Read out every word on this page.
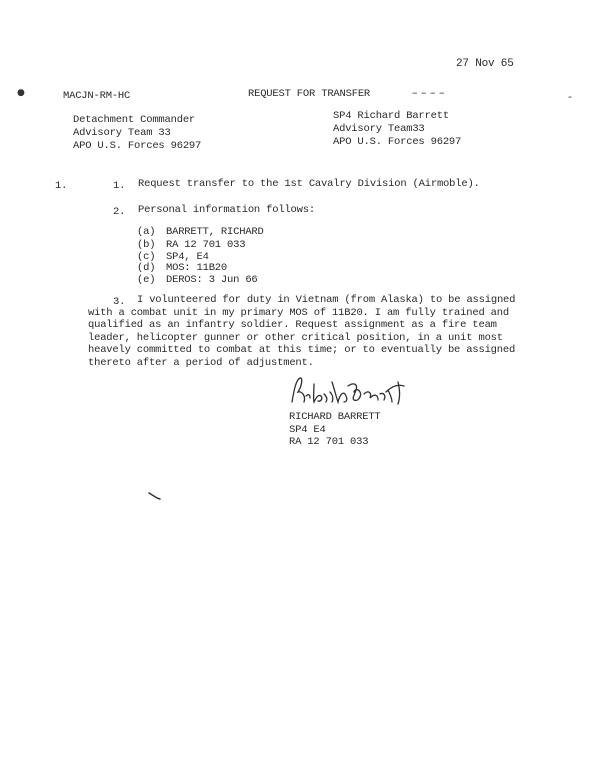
27 Nov 65
●	-
– – – –
MACJN-RM-HC	REQUEST FOR TRANSFER
Detachment Commander
Advisory Team 33
APO U.S. Forces 96297
SP4 Richard Barrett
Advisory Team33
APO U.S. Forces 96297
1.	1. Request transfer to the 1st Cavalry Division (Airmoble).
2. Personal information follows:
(a) BARRETT, RICHARD
(b) RA 12 701 033
(c) SP4, E4
(d) MOS: 11B20
(e) DEROS: 3 Jun 66
3. I volunteered for duty in Vietnam (from Alaska) to be assigned
with a combat unit in my primary MOS of 11B20. I am fully trained and
qualified as an infantry soldier. Request assignment as a fire team
leader, helicopter gunner or other critical position, in a unit most
heavely committed to combat at this time; or to eventually be assigned
thereto after a period of adjustment.
RICHARD BARRETT
SP4 E4
RA 12 701 033
